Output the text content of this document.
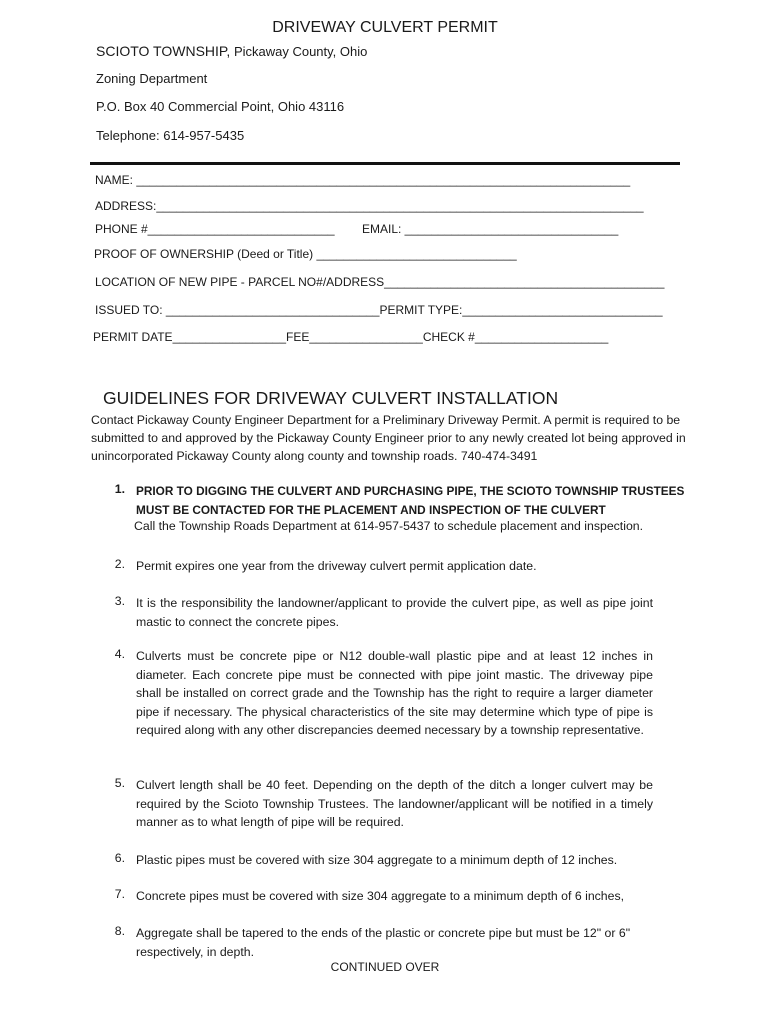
DRIVEWAY CULVERT PERMIT
SCIOTO TOWNSHIP, Pickaway County, Ohio
Zoning Department
P.O. Box 40 Commercial Point, Ohio 43116
Telephone: 614-957-5435
NAME: __________________________________________________________________________
ADDRESS:_________________________________________________________________________
PHONE #____________________________ EMAIL: ________________________________
PROOF OF OWNERSHIP (Deed or Title) ______________________________
LOCATION OF NEW PIPE - PARCEL NO#/ADDRESS__________________________________________
ISSUED TO: ________________________________PERMIT TYPE:______________________________
PERMIT DATE_________________FEE_________________CHECK #____________________
GUIDELINES FOR DRIVEWAY CULVERT INSTALLATION
Contact Pickaway County Engineer Department for a Preliminary Driveway Permit. A permit is required to be submitted to and approved by the Pickaway County Engineer prior to any newly created lot being approved in unincorporated Pickaway County along county and township roads. 740-474-3491
1. PRIOR TO DIGGING THE CULVERT AND PURCHASING PIPE, THE SCIOTO TOWNSHIP TRUSTEES MUST BE CONTACTED FOR THE PLACEMENT AND INSPECTION OF THE CULVERT
Call the Township Roads Department at 614-957-5437 to schedule placement and inspection.
2. Permit expires one year from the driveway culvert permit application date.
3. It is the responsibility the landowner/applicant to provide the culvert pipe, as well as pipe joint mastic to connect the concrete pipes.
4. Culverts must be concrete pipe or N12 double-wall plastic pipe and at least 12 inches in diameter. Each concrete pipe must be connected with pipe joint mastic. The driveway pipe shall be installed on correct grade and the Township has the right to require a larger diameter pipe if necessary. The physical characteristics of the site may determine which type of pipe is required along with any other discrepancies deemed necessary by a township representative.
5. Culvert length shall be 40 feet. Depending on the depth of the ditch a longer culvert may be required by the Scioto Township Trustees. The landowner/applicant will be notified in a timely manner as to what length of pipe will be required.
6. Plastic pipes must be covered with size 304 aggregate to a minimum depth of 12 inches.
7. Concrete pipes must be covered with size 304 aggregate to a minimum depth of 6 inches,
8. Aggregate shall be tapered to the ends of the plastic or concrete pipe but must be 12" or 6" respectively, in depth.
CONTINUED OVER
